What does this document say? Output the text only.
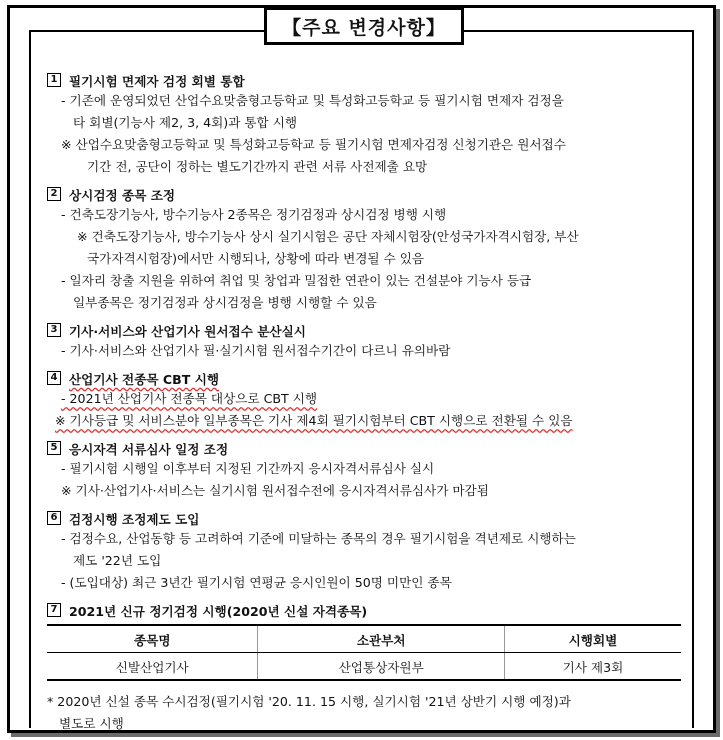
【주요 변경사항】
1 필기시험 면제자 검정 회별 통합
- 기존에 운영되었던 산업수요맞춤형고등학교 및 특성화고등학교 등 필기시험 면제자 검정을
타 회별(기능사 제2, 3, 4회)과 통합 시행
※ 산업수요맞춤형고등학교 및 특성화고등학교 등 필기시험 면제자검정 신청기관은 원서접수
기간 전, 공단이 정하는 별도기간까지 관련 서류 사전제출 요망
2 상시검정 종목 조정
- 건축도장기능사, 방수기능사 2종목은 정기검정과 상시검정 병행 시행
※ 건축도장기능사, 방수기능사 상시 실기시험은 공단 자체시험장(안성국가자격시험장, 부산
국가자격시험장)에서만 시행되나, 상황에 따라 변경될 수 있음
- 일자리 창출 지원을 위하여 취업 및 창업과 밀접한 연관이 있는 건설분야 기능사 등급
일부종목은 정기검정과 상시검정을 병행 시행할 수 있음
3 기사·서비스와 산업기사 원서접수 분산실시
- 기사·서비스와 산업기사 필·실기시험 원서접수기간이 다르니 유의바람
4 산업기사 전종목 CBT 시행
- 2021년 산업기사 전종목 대상으로 CBT 시행
※ 기사등급 및 서비스분야 일부종목은 기사 제4회 필기시험부터 CBT 시행으로 전환될 수 있음
5 응시자격 서류심사 일정 조정
- 필기시험 시행일 이후부터 지정된 기간까지 응시자격서류심사 실시
※ 기사·산업기사·서비스는 실기시험 원서접수전에 응시자격서류심사가 마감됨
6 검정시행 조정제도 도입
- 검정수요, 산업동향 등 고려하여 기준에 미달하는 종목의 경우 필기시험을 격년제로 시행하는
제도 '22년 도입
- (도입대상) 최근 3년간 필기시험 연평균 응시인원이 50명 미만인 종목
7 2021년 신규 정기검정 시행(2020년 신설 자격종목)
종목명	소관부처	시행회별
신발산업기사	산업통상자원부	기사 제3회
* 2020년 신설 종목 수시검정(필기시험 '20. 11. 15 시행, 실기시험 '21년 상반기 시행 예정)과
별도로 시행
